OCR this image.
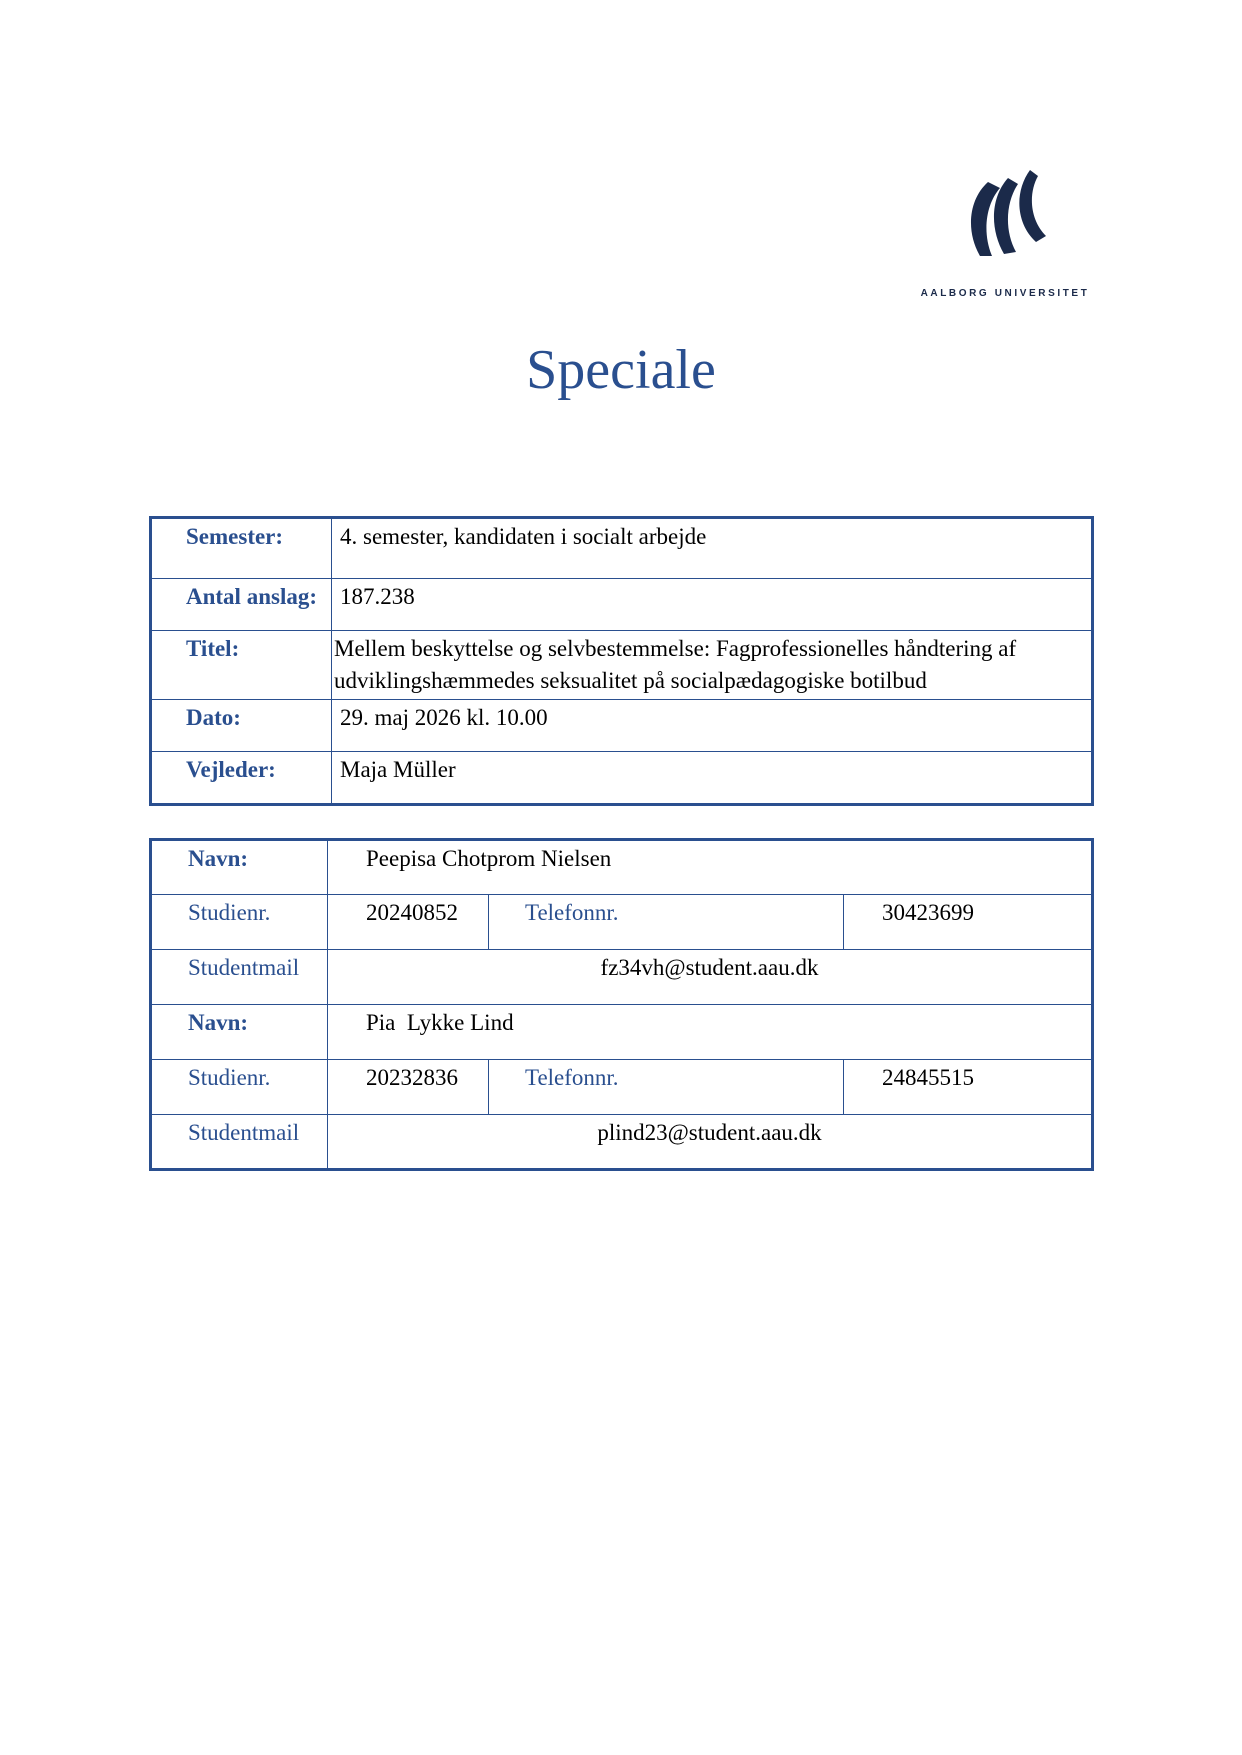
AALBORG UNIVERSITET
Speciale
Semester:	4. semester, kandidaten i socialt arbejde
Antal anslag:	187.238
Titel:	Mellem beskyttelse og selvbestemmelse: Fagprofessionelles håndtering af udviklingshæmmedes seksualitet på socialpædagogiske botilbud
Dato:	29. maj 2026 kl. 10.00
Vejleder:	Maja Müller
Navn:	Peepisa Chotprom Nielsen		
Studienr.	20240852	Telefonnr.	30423699
Studentmail	fz34vh@student.aau.dk		
Navn:	Pia  Lykke Lind		
Studienr.	20232836	Telefonnr.	24845515
Studentmail	plind23@student.aau.dk		
